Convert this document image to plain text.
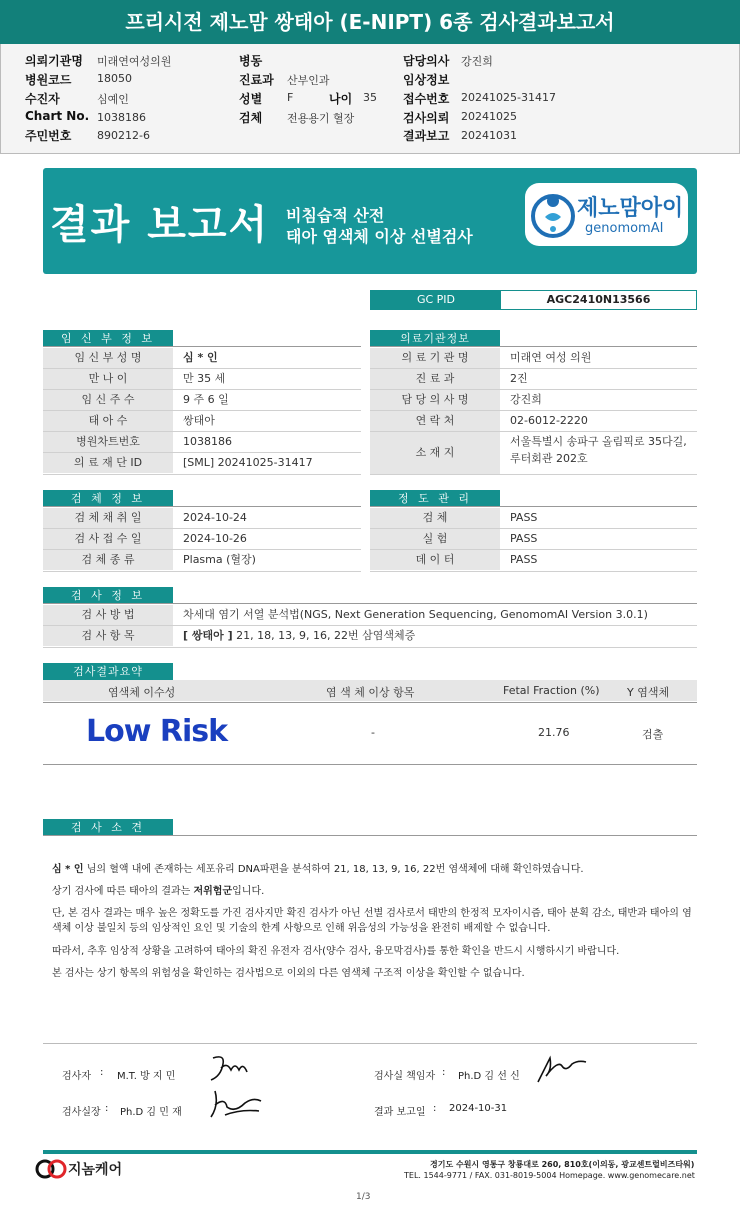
프리시전 제노맘 쌍태아 (E-NIPT) 6종 검사결과보고서
의뢰기관명 미래연여성의원
병원코드 18050
수진자	심예인
Chart No. 1038186
주민번호 890212-6
병동
진료과 산부인과
성별 F	나이 35
검체 전용용기 혈장
담당의사 강진희
임상정보
접수번호 20241025-31417
검사의뢰 20241025
결과보고 20241031
결과 보고서 비침습적 산전
태아 염색체 이상 선별검사
제노맘아이
genomomAI
GC PID	AGC2410N13566
임 신 부 정 보
임 신 부 성 명	심 * 인
만 나 이	만 35 세
임 신 주 수	9 주 6 일
태 아 수	쌍태아
병원차트번호	1038186
의 료 재 단 ID	[SML] 20241025-31417
의료기관정보
의 료 기 관 명	미래연 여성 의원
진 료 과	2진
담 당 의 사 명	강진희
연 락 처	02-6012-2220
소 재 지
서울특별시 송파구 올림픽로 35다길,
루터회관 202호
검 체 정 보
검 체 채 취 일	2024-10-24
검 사 접 수 일	2024-10-26
검 체 종 류	Plasma (혈장)
정 도 관 리
검 체	PASS
실 험	PASS
데 이 터	PASS
검 사 정 보
검 사 방 법	차세대 염기 서열 분석법(NGS, Next Generation Sequencing, GenomomAI Version 3.0.1)
검 사 항 목	[ 쌍태아 ] 21, 18, 13, 9, 16, 22번 삼염색체증
검사결과요약
염색체 이수성	염 색 체 이상 항목	Fetal Fraction (%) Y 염색체
Low Risk	-	21.76	검출
검 사 소 견
심 * 인 님의 혈액 내에 존재하는 세포유리 DNA파편을 분석하여 21, 18, 13, 9, 16, 22번 염색체에 대해 확인하였습니다.
상기 검사에 따른 태아의 결과는 저위험군입니다.
단, 본 검사 결과는 매우 높은 정확도를 가진 검사지만 확진 검사가 아닌 선별 검사로서 태반의 한정적 모자이시즘, 태아 분획 감소, 태반과 태아의 염색체 이상 불일치 등의 임상적인 요인 및 기술의 한계 사항으로 인해 위음성의 가능성을 완전히 배제할 수 없습니다.
따라서, 추후 임상적 상황을 고려하여 태아의 확진 유전자 검사(양수 검사, 융모막검사)를 통한 확인을 반드시 시행하시기 바랍니다.
본 검사는 상기 항목의 위험성을 확인하는 검사법으로 이외의 다른 염색체 구조적 이상을 확인할 수 없습니다.
검사자 : M.T. 방 지 민	검사실 책임자 : Ph.D 김 선 신
검사실장 : Ph.D 김 민 재	결과 보고일 : 2024-10-31
지놈케어	경기도 수원시 영통구 창룡대로 260, 810호(이의동, 광교센트럴비즈타워)
TEL. 1544-9771 / FAX. 031-8019-5004 Homepage. www.genomecare.net
1/3
